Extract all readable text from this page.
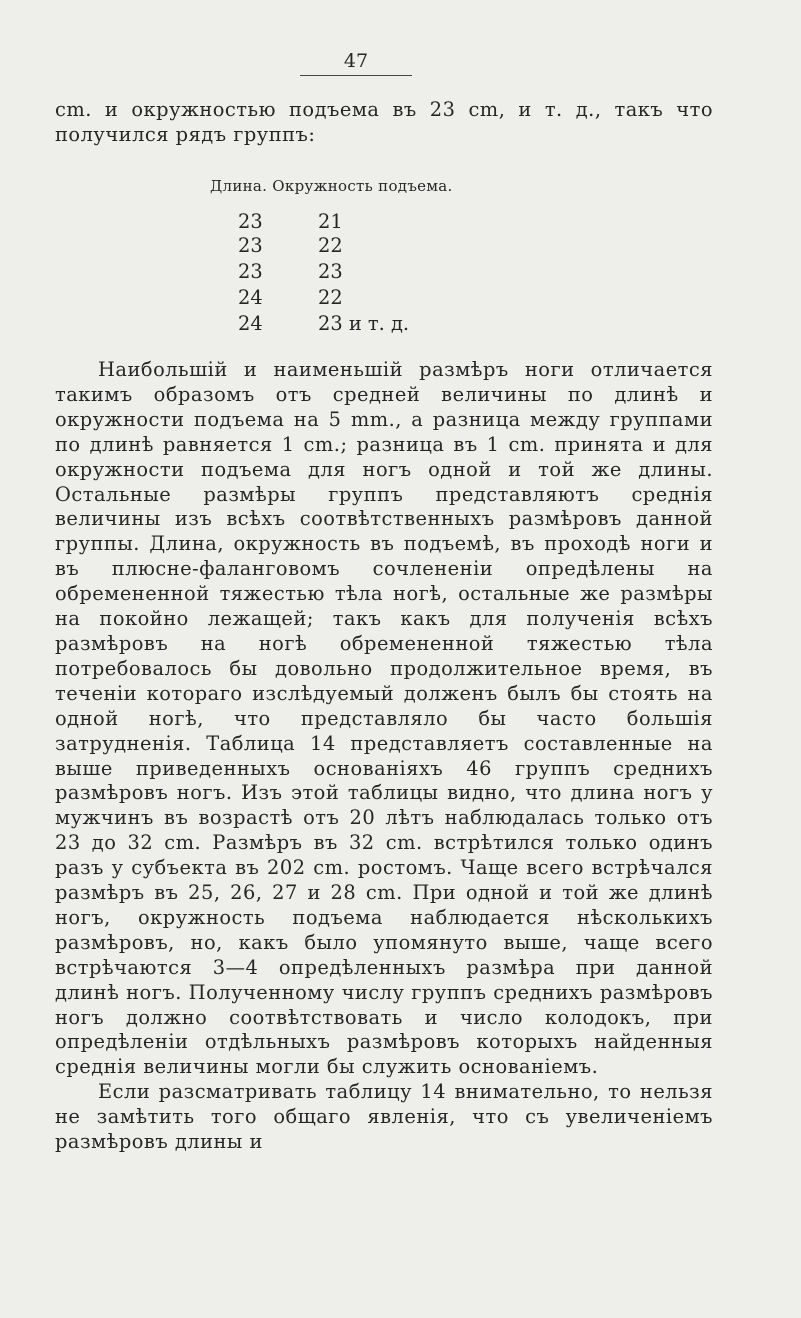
47

cm. и окружностью подъема въ 23 cm, и т. д., такъ что получился рядъ группъ:

Длина. Окружность подъема.
23	21
23	22
23	23
24	22
24	23 и т. д.

Наибольшій и наименьшій размѣръ ноги отличается такимъ образомъ отъ средней величины по длинѣ и окружности подъема на 5 mm., а разница между группами по длинѣ равняется 1 cm.; разница въ 1 cm. принята и для окружности подъема для ногъ одной и той же длины. Остальные размѣры группъ представляютъ среднія величины изъ всѣхъ соотвѣтственныхъ размѣровъ данной группы. Длина, окружность въ подъемѣ, въ проходѣ ноги и въ плюсне-фаланговомъ сочлененіи опредѣлены на обремененной тяжестью тѣла ногѣ, остальные же размѣры на покойно лежащей; такъ какъ для полученія всѣхъ размѣровъ на ногѣ обремененной тяжестью тѣла потребовалось бы довольно продолжительное время, въ теченіи котораго изслѣдуемый долженъ былъ бы стоять на одной ногѣ, что представляло бы часто большія затрудненія. Таблица 14 представляетъ составленные на выше приведенныхъ основаніяхъ 46 группъ среднихъ размѣровъ ногъ. Изъ этой таблицы видно, что длина ногъ у мужчинъ въ возрастѣ отъ 20 лѣтъ наблюдалась только отъ 23 до 32 cm. Размѣръ въ 32 cm. встрѣтился только одинъ разъ у субъекта въ 202 cm. ростомъ. Чаще всего встрѣчался размѣръ въ 25, 26, 27 и 28 cm. При одной и той же длинѣ ногъ, окружность подъема наблюдается нѣсколькихъ размѣровъ, но, какъ было упомянуто выше, чаще всего встрѣчаются 3—4 опредѣленныхъ размѣра при данной длинѣ ногъ. Полученному числу группъ среднихъ размѣровъ ногъ должно соотвѣтствовать и число колодокъ, при опредѣленіи отдѣльныхъ размѣровъ которыхъ найденныя среднія величины могли бы служить основаніемъ.

Если разсматривать таблицу 14 внимательно, то нельзя не замѣтить того общаго явленія, что съ увеличеніемъ размѣровъ длины и
